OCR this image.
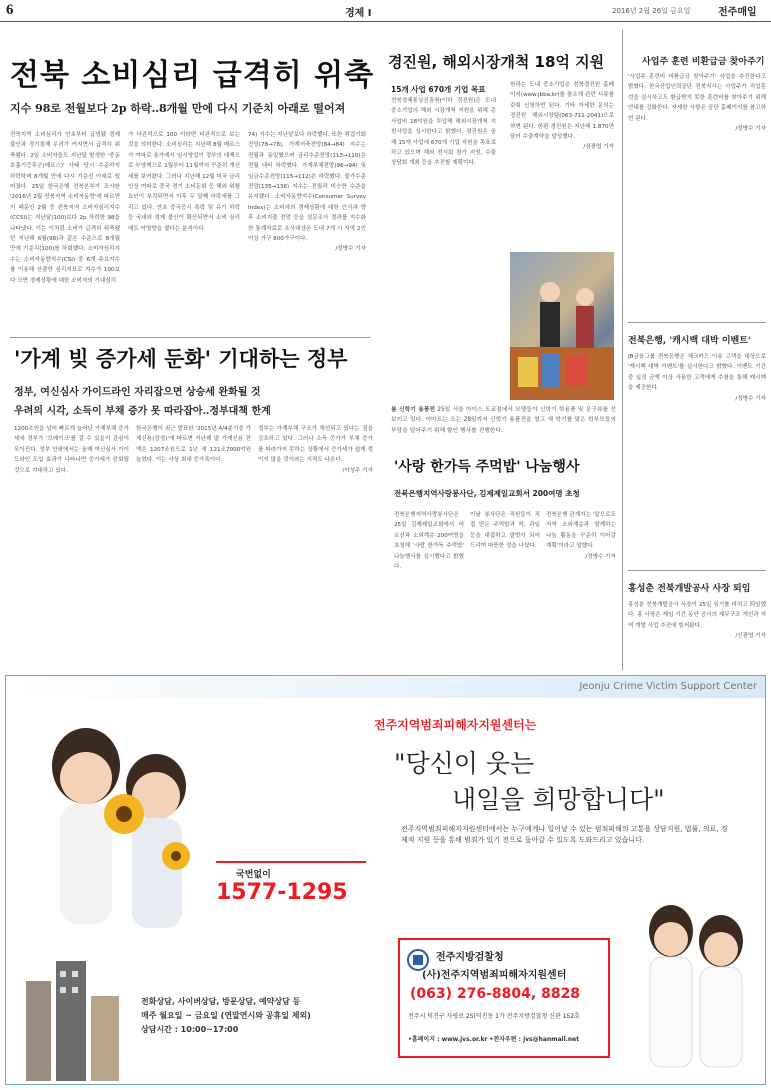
6	경제 Ⅰ	2016년 2월 26일 금요일	전주매일
전북 소비심리 급격히 위축
지수 98로 전월보다 2p 하락‥8개월 만에 다시 기준치 아래로 떨어져
전북지역 소비심리가 연초부터 급냉됐 경제 불안과 경기침체 우려가 커지면서 급격히 위축됐다. 2일 소비자들도 지난달 발생한 '중동호흡기증후군(메르스)' 사태 당시 수준까지 하락하며 8개월 만에 다시 기준선 아래로 떨어졌다. 25일 한국은행 전북본부가 조사한 '2016년 2월 전북지역 소비자동향'에 따르면 이 때문인 2월 중 전북지역 소비자심리지수(CCSI)는 지난달(100)보다 2p 하락한 98을 나타냈다. 이는 이처럼 소비가 급격히 위축됐던 지난해 6월(98)과 같은 수준으로 8개월 만에 기준치(100)를 하회했다. 소비자심리지수는 소비자동향지수(CSI) 중 6개 주요지수를 이용해 산출한 심리지표로 지수가 100보다 크면 경제상황에 대한 소비자의 기대심리
가 낙관적으로 100 이하면 비관적으로 보는 것을 의미한다. 소비심리는 지난해 8월 메르스가 여파로 용가에서 임시영업이 정부의 대책으로 부양책으로 1월부터 11월까지 꾸준히 개선세를 보여왔다. 그러나 지난해 12월 미국 금리인상 여파로 중국 경기 소비둔화 등 해외 위험요인이 부각되면서 이후 두 달째 하락세를 그리고 있다. 연초 중국증시 폭락 및 유가 하락 등 국내외 경제 불안이 확산되면서 소비 심리에도 악영향을 줬다는 분석이다.
74) 지수는 지난달보다 하락했다. 또한 취업기회전망(78→78), 가계저축전망(84→84) 지수는 전월과 동일했으며 금리수준전망(113→110)은 전월 대비 하락했다. 가계부채전망(96→94) 및 임금수준전망(115→112)은 하락했다. 물가수준전망(135→136) 지수는 전월과 비슷한 수준을 유지했다. 소비자동향지수(Consumer Survey Index)는 소비자의 경제상황에 대한 인식과 향후 소비지출 전망 등을 설문조사 결과를 지수화한 통계자료로 조사대상은 도내 7개 시 지역 2인 이상 가구 800가구이다.
/정병수 기자
경진원, 해외시장개척 18억 지원
15개 사업 670개 기업 목표
전북경제통상진흥원(이하 경진원)은 도내 중소기업의 해외 시장개척 지원을 위해 총사업비 18억원을 투입해 해외시장개척 지원사업을 실시한다고 밝혔다. 경진원은 올해 15개 사업에 670개 기업 지원을 목표로 하고 있으며 해외 전시회 참가 지원, 수출 상담회 개최 등을 추진할 계획이다.
원하는 도내 중소기업은 전북경진원 홈페이지(www.jbba.kr)를 참조해 관련 서류를 갖춰 신청하면 된다. 기타 자세한 문의는 경진원 해외시장팀(063-711-2041)으로 하면 된다. 한편 경진원은 지난해 1,870만달러 수출계약을 달성했다.
/심광엽 기자
봄 신학기 용품전 25일 서울 아이스 도쿄점에서 모델들이 신학기 학용품 및 문구류를 선보이고 있다. 이마트는 오는 28일까지 신학기 용품전을 열고 새 학기를 맞은 학부모들의 부담을 덜어주기 위해 할인 행사를 진행한다.
'사랑 한가득 주먹밥' 나눔행사
전북은행지역사랑봉사단, 김제제일교회서 200여명 초청
전북은행지역사랑봉사단은 25일 김제제일교회에서 어르신과 소외계층 200여명을 초청해 '사랑 한가득 주먹밥' 나눔행사를 실시했다고 밝혔다.
이날 봉사단은 직원들이 직접 만든 주먹밥과 떡, 과일 등을 대접하고 말벗이 되어 드리며 따뜻한 정을 나눴다.
전북은행 관계자는 '앞으로도 지역 소외계층과 함께하는 나눔 활동을 꾸준히 이어갈 계획'이라고 말했다.
/정병수 기자
'가계 빚 증가세 둔화' 기대하는 정부
정부, 여신심사 가이드라인 자리잡으면 상승세 완화될 것
우려의 시각, 소득이 부채 증가 못 따라잡아‥정부대책 한계
1200조원을 넘어 빠르게 늘어난 가계부채 증가세에 정부가 '브레이크'를 걸 수 있을지 관심이 모아진다. 정부 안팎에서는 올해 여신심사 가이드라인 도입 효과가 나타나면 증가세가 완화될 것으로 기대하고 있다.
한국은행이 최근 발표한 '2015년 4/4분기중 가계신용(잠정)'에 따르면 지난해 말 가계신용 잔액은 1207조원으로 1년 새 121조7000억원 늘었다. 이는 사상 최대 증가폭이다.
정부는 가계부채 구조가 개선되고 있다는 점을 강조하고 있다. 그러나 소득 증가가 부채 증가를 따라가지 못하는 상황에서 증가세가 쉽게 꺾이지 않을 것이라는 지적도 나온다.
/이성주 기자
사업주 훈련 비환급금 찾아주기
'사업주 훈련비 미환급금 찾아주기' 사업을 추진한다고 밝혔다. 한국산업인력공단 전북지사는 사업주가 직업훈련을 실시하고도 환급받지 못한 훈련비를 찾아주기 위해 안내를 강화한다. 자세한 사항은 공단 홈페이지를 참고하면 된다.
/정병수 기자
전북은행, '캐시백 대박 이벤트'
JB금융그룹 전북은행은 체크카드 이용 고객을 대상으로 '캐시백 대박 이벤트'를 실시한다고 밝혔다. 이벤트 기간 중 일정 금액 이상 사용한 고객에게 추첨을 통해 캐시백을 제공한다.
/정병수 기자
홍성춘 전북개발공사 사장 퇴임
홍성춘 전북개발공사 사장이 25일 임기를 마치고 퇴임했다. 홍 사장은 재임 기간 동안 공사의 재무구조 개선과 지역 개발 사업 추진에 힘써왔다.
/신광엽 기자
Jeonju Crime Victim Support Center
전주지역범죄피해자지원센터는
"당신이 웃는
내일을 희망합니다"
전주지역범죄피해자지원센터에서는 누구에게나 일어날 수 있는 범죄피해의 고통을 상담지원, 법률, 의료, 경제적 지원 등을 통해 범죄가 있기 전으로 돌아갈 수 있도록 도와드리고 있습니다.
국번없이
1577-1295
전화상담, 사이버상담, 방문상담, 예약상담 등
매주 월요일 ~ 금요일 (연말연시와 공휴일 제외)
상담시간 : 10:00~17:00
전주지방검찰청
(사)전주지역범죄피해자지원센터
(063) 276-8804, 8828
전주시 덕진구 사평로 25(덕진동 1가 전주지방검찰청 신관 152호
•홈페이지 : www.jvs.or.kr •전자우편 : jvs@hanmail.net
